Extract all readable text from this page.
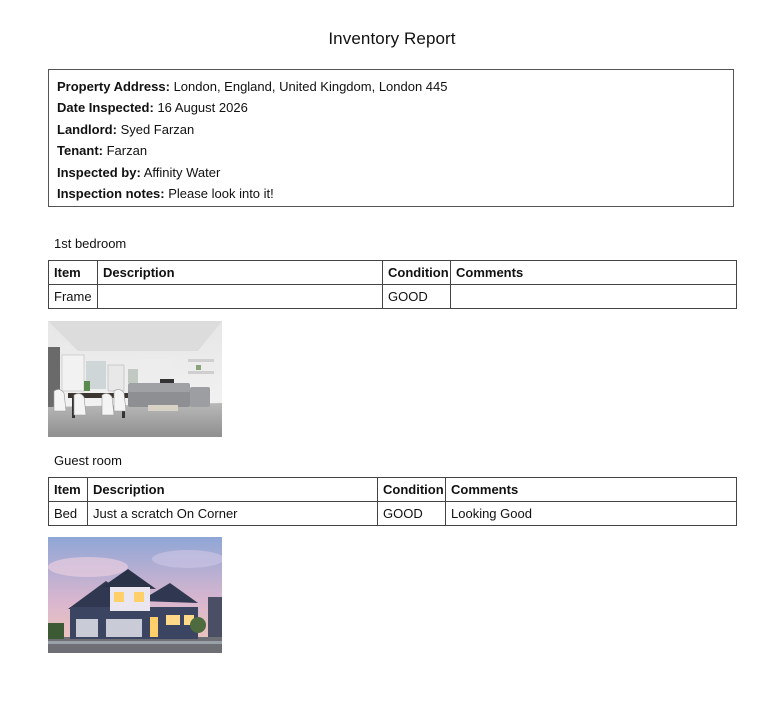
Inventory Report
Property Address: London, England, United Kingdom, London 445
Date Inspected: 16 August 2026
Landlord: Syed Farzan
Tenant: Farzan
Inspected by: Affinity Water
Inspection notes: Please look into it!
1st bedroom
Item	Description	Condition	Comments
Frame		GOOD	
Guest room
Item	Description	Condition	Comments
Bed	Just a scratch On Corner	GOOD	Looking Good
